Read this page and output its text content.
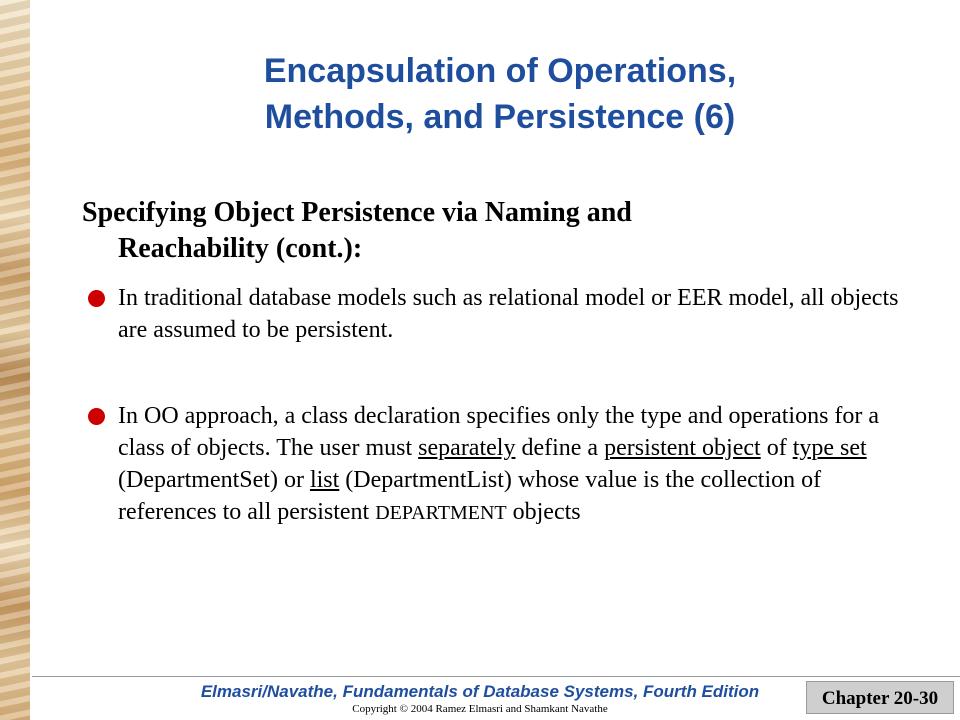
Encapsulation of Operations,
Methods, and Persistence (6)
Specifying Object Persistence via Naming and
Reachability (cont.):
In traditional database models such as relational model or EER model, all objects are assumed to be persistent.
In OO approach, a class declaration specifies only the type and operations for a class of objects. The user must separately define a persistent object of type set (DepartmentSet) or list (DepartmentList) whose value is the collection of references to all persistent DEPARTMENT objects
Elmasri/Navathe, Fundamentals of Database Systems, Fourth Edition
Copyright © 2004 Ramez Elmasri and Shamkant Navathe	Chapter 20-30
